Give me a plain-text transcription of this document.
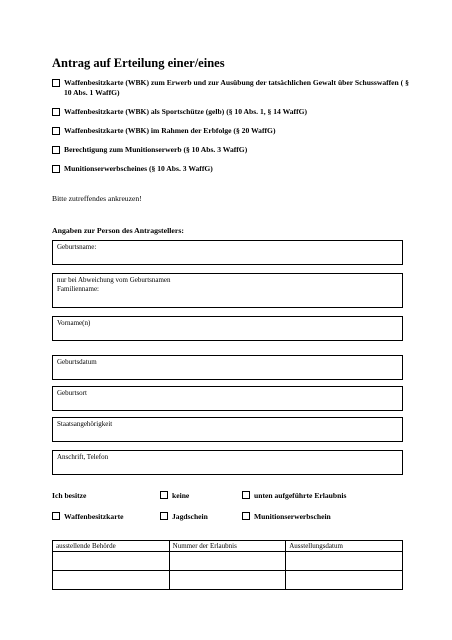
Antrag auf Erteilung einer/eines
Waffenbesitzkarte (WBK) zum Erwerb und zur Ausübung der tatsächlichen Gewalt über Schusswaffen ( § 10 Abs. 1 WaffG)
Waffenbesitzkarte (WBK) als Sportschütze (gelb) (§ 10 Abs. 1, § 14 WaffG)
Waffenbesitzkarte (WBK) im Rahmen der Erbfolge (§ 20 WaffG)
Berechtigung zum Munitionserwerb (§ 10 Abs. 3 WaffG)
Munitionserwerbscheines (§ 10 Abs. 3 WaffG)
Bitte zutreffendes ankreuzen!
Angaben zur Person des Antragstellers:
Geburtsname:
nur bei Abweichung vom Geburtsnamen
Familienname:
Vorname(n)
Geburtsdatum
Geburtsort
Staatsangehörigkeit
Anschrift, Telefon
Ich besitze	keine	unten aufgeführte Erlaubnis
Waffenbesitzkarte	Jagdschein	Munitionserwerbschein
ausstellende Behörde	Nummer der Erlaubnis	Ausstellungsdatum
